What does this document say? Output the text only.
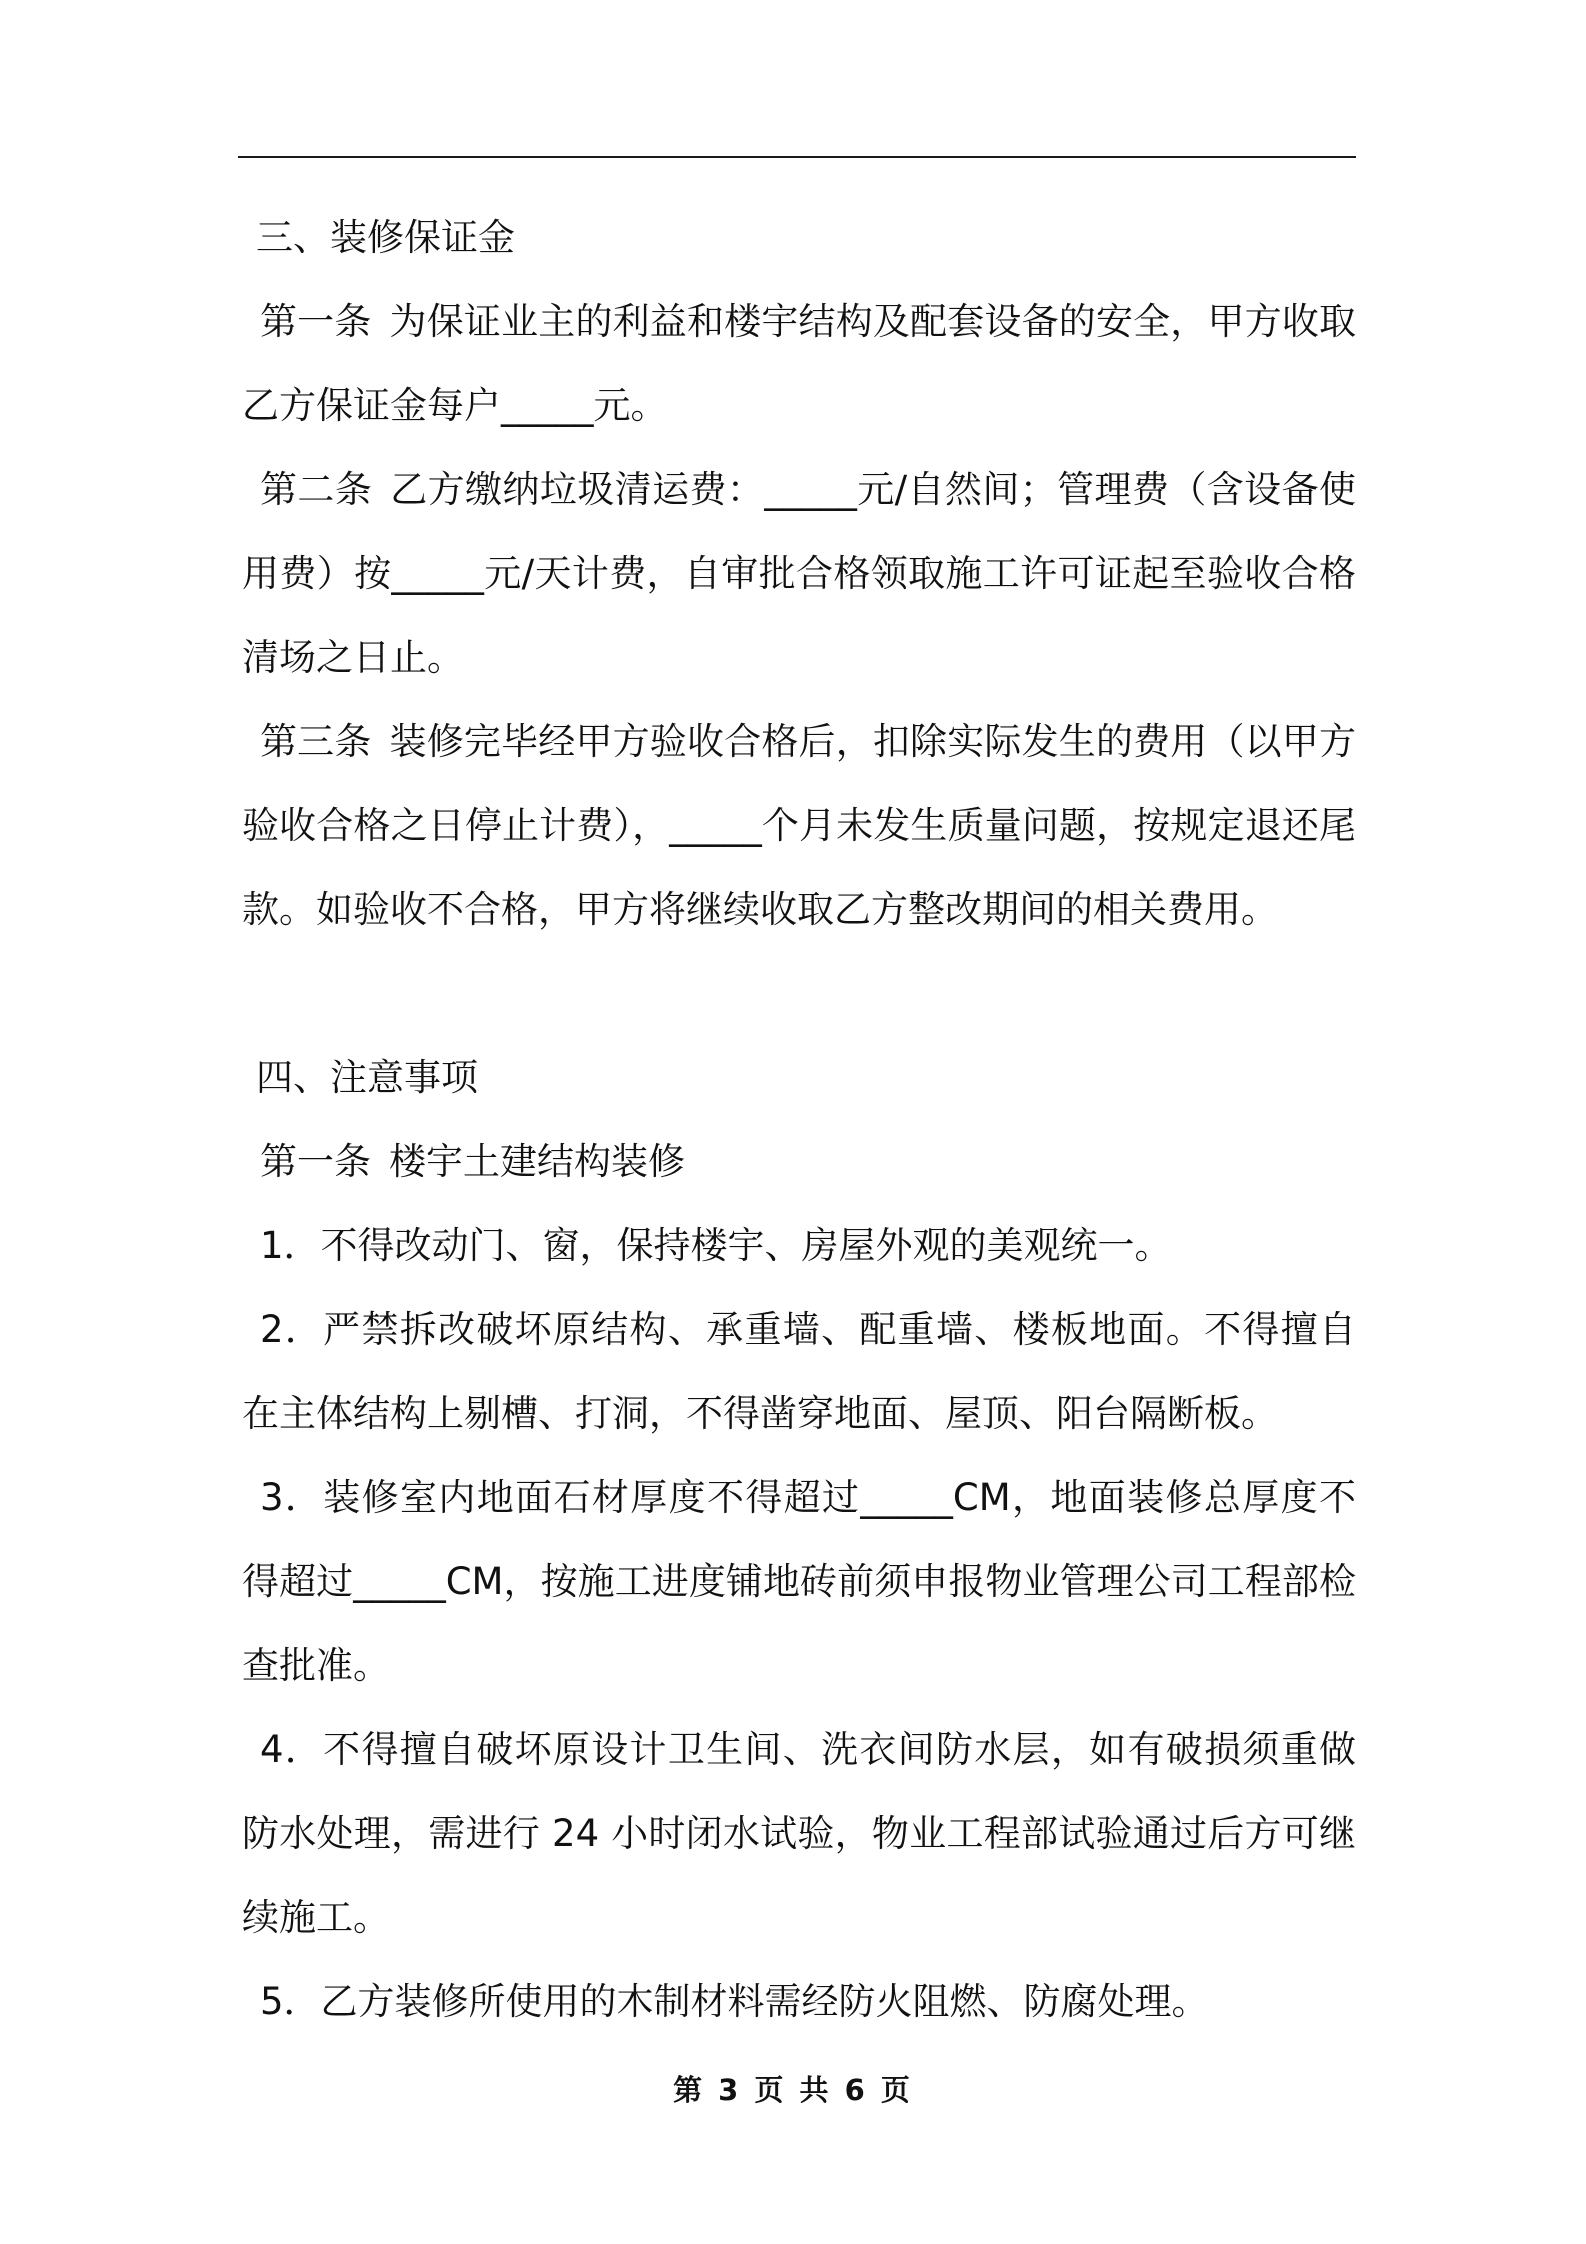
三、装修保证金

第一条 为保证业主的利益和楼宇结构及配套设备的安全，甲方收取乙方保证金每户_____元。

第二条 乙方缴纳垃圾清运费：_____元/自然间；管理费（含设备使用费）按_____元/天计费，自审批合格领取施工许可证起至验收合格清场之日止。

第三条 装修完毕经甲方验收合格后，扣除实际发生的费用（以甲方验收合格之日停止计费），_____个月未发生质量问题，按规定退还尾款。如验收不合格，甲方将继续收取乙方整改期间的相关费用。

四、注意事项

第一条 楼宇土建结构装修

1．不得改动门、窗，保持楼宇、房屋外观的美观统一。

2．严禁拆改破坏原结构、承重墙、配重墙、楼板地面。不得擅自在主体结构上剔槽、打洞，不得凿穿地面、屋顶、阳台隔断板。

3．装修室内地面石材厚度不得超过_____CM，地面装修总厚度不得超过_____CM，按施工进度铺地砖前须申报物业管理公司工程部检查批准。

4．不得擅自破坏原设计卫生间、洗衣间防水层，如有破损须重做防水处理，需进行 24 小时闭水试验，物业工程部试验通过后方可继续施工。

5．乙方装修所使用的木制材料需经防火阻燃、防腐处理。

第 3 页 共 6 页
